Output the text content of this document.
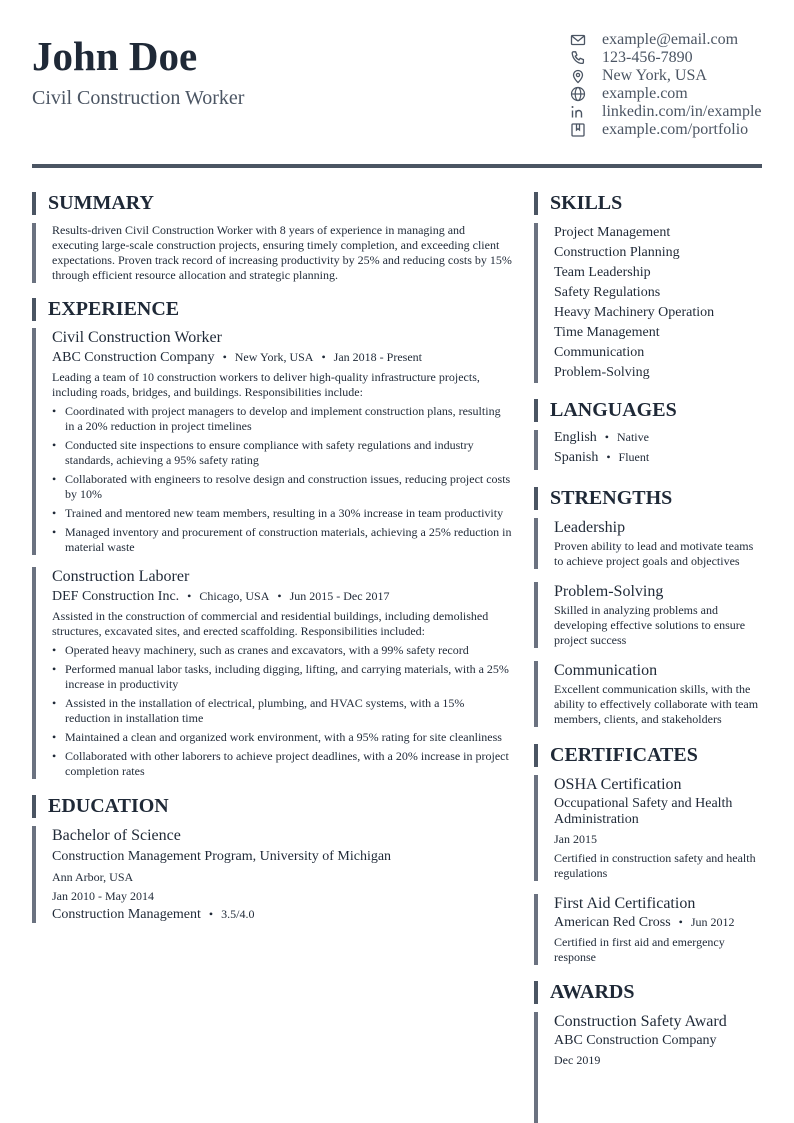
John Doe
Civil Construction Worker
example@email.com
123-456-7890
New York, USA
example.com
linkedin.com/in/example
example.com/portfolio
SUMMARY

Results-driven Civil Construction Worker with 8 years of experience in managing and executing large-scale construction projects, ensuring timely completion, and exceeding client expectations. Proven track record of increasing productivity by 25% and reducing costs by 15% through efficient resource allocation and strategic planning.

EXPERIENCE
Civil Construction Worker
ABC Construction Company • New York, USA • Jan 2018 - Present

Leading a team of 10 construction workers to deliver high-quality infrastructure projects, including roads, bridges, and buildings. Responsibilities include:

• Coordinated with project managers to develop and implement construction plans, resulting in a 20% reduction in project timelines
• Conducted site inspections to ensure compliance with safety regulations and industry standards, achieving a 95% safety rating
• Collaborated with engineers to resolve design and construction issues, reducing project costs by 10%
• Trained and mentored new team members, resulting in a 30% increase in team productivity
• Managed inventory and procurement of construction materials, achieving a 25% reduction in material waste
Construction Laborer
DEF Construction Inc. • Chicago, USA • Jun 2015 - Dec 2017

Assisted in the construction of commercial and residential buildings, including demolished structures, excavated sites, and erected scaffolding. Responsibilities included:

• Operated heavy machinery, such as cranes and excavators, with a 99% safety record
• Performed manual labor tasks, including digging, lifting, and carrying materials, with a 25% increase in productivity
• Assisted in the installation of electrical, plumbing, and HVAC systems, with a 15% reduction in installation time
• Maintained a clean and organized work environment, with a 95% rating for site cleanliness
• Collaborated with other laborers to achieve project deadlines, with a 20% increase in project completion rates
EDUCATION
Bachelor of Science
Construction Management Program, University of Michigan
Ann Arbor, USA
Jan 2010 - May 2014
Construction Management • 3.5/4.0
SKILLS
Project Management
Construction Planning
Team Leadership
Safety Regulations
Heavy Machinery Operation
Time Management
Communication
Problem-Solving
LANGUAGES
English • Native
Spanish • Fluent
STRENGTHS
Leadership

Proven ability to lead and motivate teams to achieve project goals and objectives

Problem-Solving

Skilled in analyzing problems and developing effective solutions to ensure project success

Communication

Excellent communication skills, with the ability to effectively collaborate with team members, clients, and stakeholders

CERTIFICATES
OSHA Certification
Occupational Safety and Health Administration
Jan 2015

Certified in construction safety and health regulations

First Aid Certification
American Red Cross • Jun 2012

Certified in first aid and emergency response

AWARDS
Construction Safety Award
ABC Construction Company
Dec 2019
